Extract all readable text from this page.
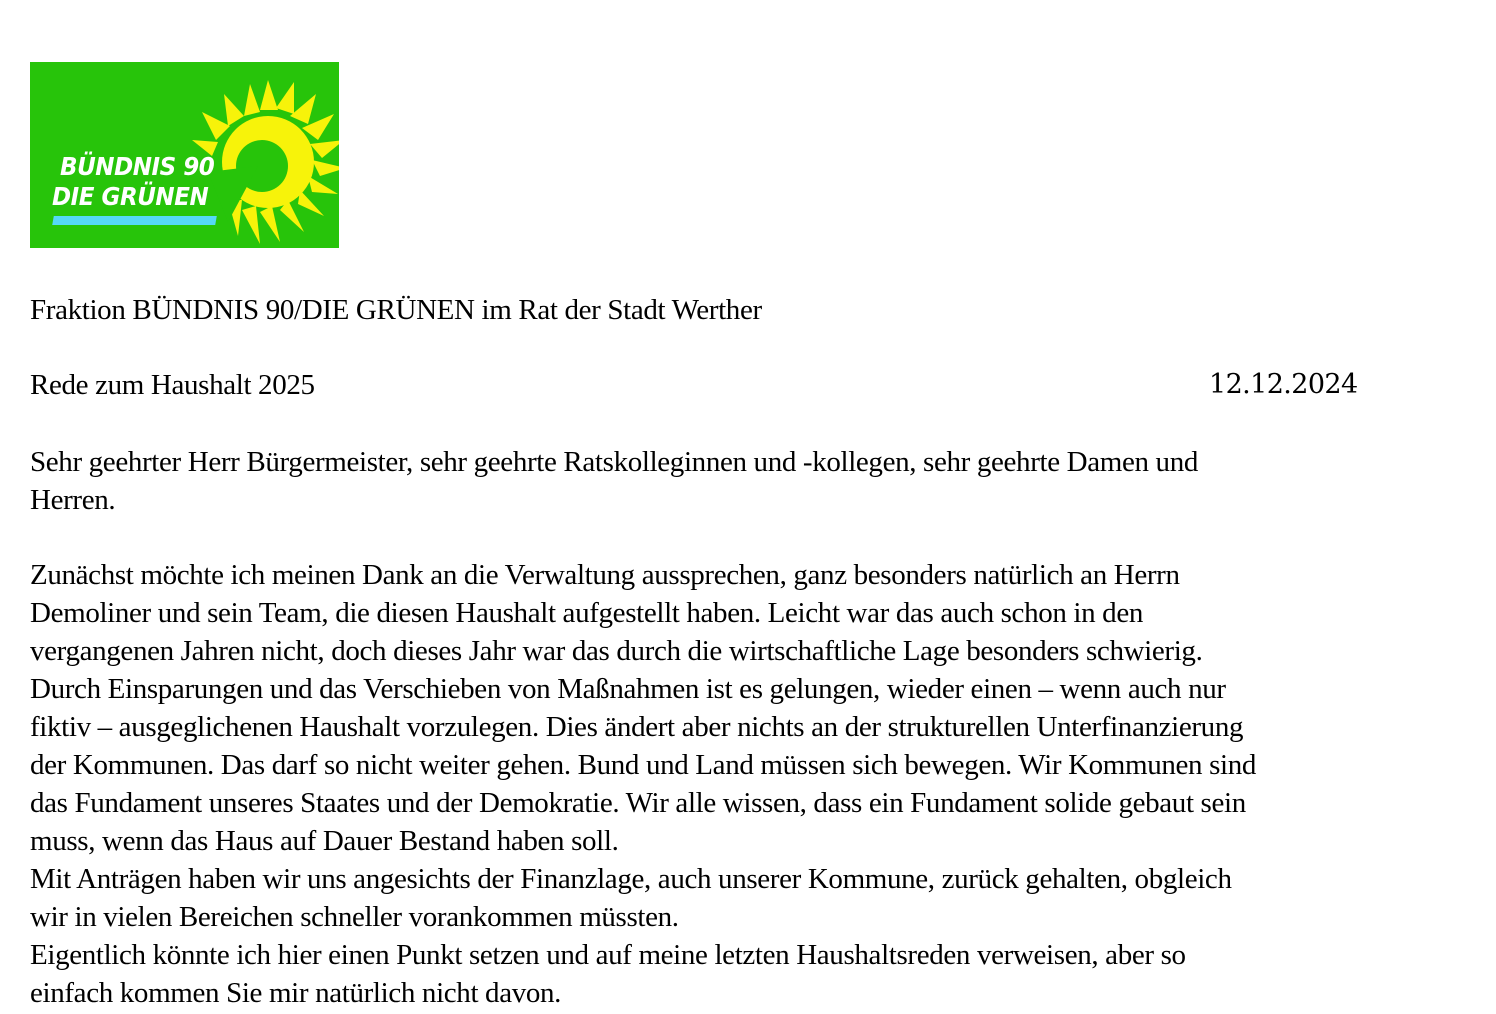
BÜNDNIS 90
DIE GRÜNEN
Fraktion BÜNDNIS 90/DIE GRÜNEN im Rat der Stadt Werther
Rede zum Haushalt 2025	12.12.2024
Sehr geehrter Herr Bürgermeister, sehr geehrte Ratskolleginnen und -kollegen, sehr geehrte Damen und
Herren.
Zunächst möchte ich meinen Dank an die Verwaltung aussprechen, ganz besonders natürlich an Herrn
Demoliner und sein Team, die diesen Haushalt aufgestellt haben. Leicht war das auch schon in den
vergangenen Jahren nicht, doch dieses Jahr war das durch die wirtschaftliche Lage besonders schwierig.
Durch Einsparungen und das Verschieben von Maßnahmen ist es gelungen, wieder einen – wenn auch nur
fiktiv – ausgeglichenen Haushalt vorzulegen. Dies ändert aber nichts an der strukturellen Unterfinanzierung
der Kommunen. Das darf so nicht weiter gehen. Bund und Land müssen sich bewegen. Wir Kommunen sind
das Fundament unseres Staates und der Demokratie. Wir alle wissen, dass ein Fundament solide gebaut sein
muss, wenn das Haus auf Dauer Bestand haben soll.
Mit Anträgen haben wir uns angesichts der Finanzlage, auch unserer Kommune, zurück gehalten, obgleich
wir in vielen Bereichen schneller vorankommen müssten.
Eigentlich könnte ich hier einen Punkt setzen und auf meine letzten Haushaltsreden verweisen, aber so
einfach kommen Sie mir natürlich nicht davon.
